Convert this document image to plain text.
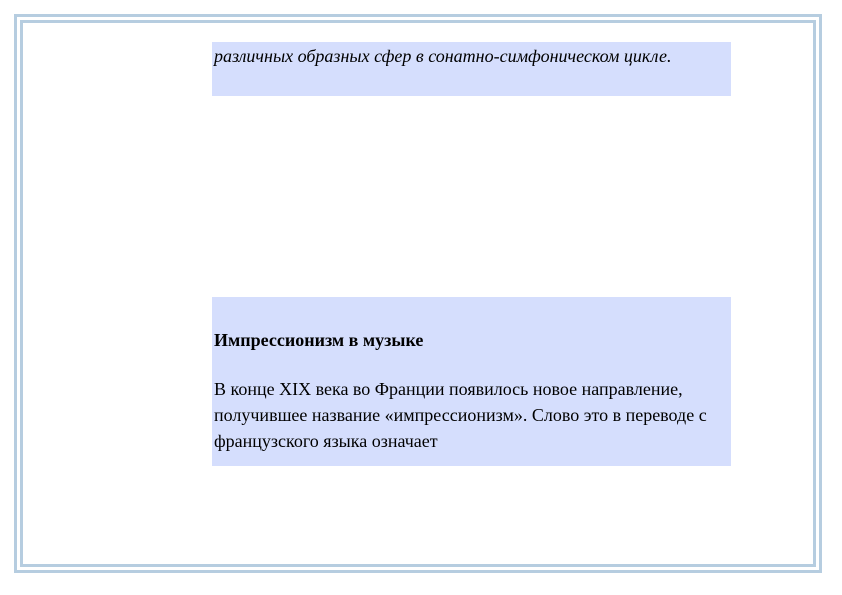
различных образных сфер в сонатно-симфоническом цикле.
Импрессионизм в музыке

В конце XIX века во Франции появилось новое направление, получившее название «импрессионизм». Слово это в переводе с французского языка означает
